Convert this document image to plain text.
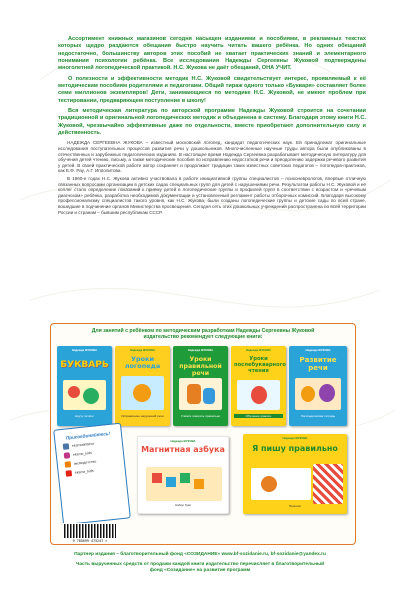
Ассортимент книжных магазинов сегодня насыщен изданиями и пособиями, в рекламных текстах которых щедро раздаются обещания быстро научить читать вашего ребёнка. Но одних обещаний недостаточно, большинству авторов этих пособий не хватает практических знаний и элементарного понимания психологии ребёнка. Все исследования Надежды Сергеевны Жуковой подтверждены многолетней логопедической практикой. Н.С. Жукова не даёт обещаний, ОНА УЧИТ.

О полезности и эффективности методик Н.С. Жуковой свидетельствует интерес, проявляемый к её методическим пособиям родителями и педагогами. Общий тираж одного только «Букваря» составляет более семи миллионов экземпляров! Дети, занимающиеся по методике Н.С. Жуковой, не имеют проблем при тестировании, предваряющем поступление в школу!

Вся методическая литература по авторской программе Надежды Жуковой строится на сочетании традиционной и оригинальной логопедических методик и объединена в систему. Благодаря этому книги Н.С. Жуковой, чрезвычайно эффективные даже по отдельности, вместе приобретают дополнительную силу и действенность.

НАДЕЖДА СЕРГЕЕВНА ЖУКОВА – известный московский логопед, кандидат педагогических наук. Ей принадлежат оригинальные исследования поступательных процессов развития речи у дошкольников. Многочисленные научные труды автора были опубликованы в отечественных и зарубежных педагогических изданиях. В настоящее время Надежда Сергеевна разрабатывает методическую литературу для обучения детей чтению, письму, а также методические пособия по исправлению недостатков речи и преодолению задержки речевого развития у детей. В своей практической работе автор сохраняет и продолжает традиции таких известных советских педагогов – логопедов-практиков, как Е.Ф. Рау, А.Г. Ипполитова.

В 1960-е годах Н.С. Жукова активно участвовала в работе инициативной группы специалистов – психоневрологов, впервые отличную связанных вопросами организации в детских садах специальных групп для детей с нарушениями речи. Результатом работы Н.С. Жуковой и её коллег стало определение показаний к приёму детей в логопедические группы и профилей групп в соответствии с возрастом и «речевым диагнозом» ребёнка, разработка необходимой документации и установленный регламент работы отборочных комиссий. Благодаря высокому профессионализму специалистов такого уровня, как Н.С. Жукова, были созданы логопедические группы и детские сады по всей стране, вошедшие в подчинение органов Министерства просвещения. Сегодня сеть этих дошкольных учреждений распространена по всей территории России и странам – бывшим республикам СССР.

Для занятий с ребёнком по методическим разработкам Надежды Сергеевны Жуковой
издательство рекомендует следующие книги:
Надежда ЖУКОВА
БУКВАРЬ
Научу читать!
Надежда ЖУКОВА
Уроки логопеда
Исправление нарушений речи
Надежда ЖУКОВА
Уроки правильной речи
Учимся говорить правильно
Надежда ЖУКОВА
Уроки послебукварного чтения
Обучение грамоте
Надежда ЖУКОВА
Развитие речи
Логопедическая тетрадь
Надежда ЖУКОВА
Магнитная азбука
Набор букв
Надежда ЖУКОВА
Я пишу правильно
Прописи
Присоединяйтесь!
eksmodetstvo
eksmo_kids
эксмодетство
eksmo_kids
9 785699 475247 >
Партнер издания – благотворительный фонд «СОЗИДАНИЕ» www.bf-sozidanie.ru, bf-sozidanie@yandex.ru
Часть вырученных средств от продажи каждой книги издательство перечисляет в благотворительный фонд «Созидание» на развитие программ
